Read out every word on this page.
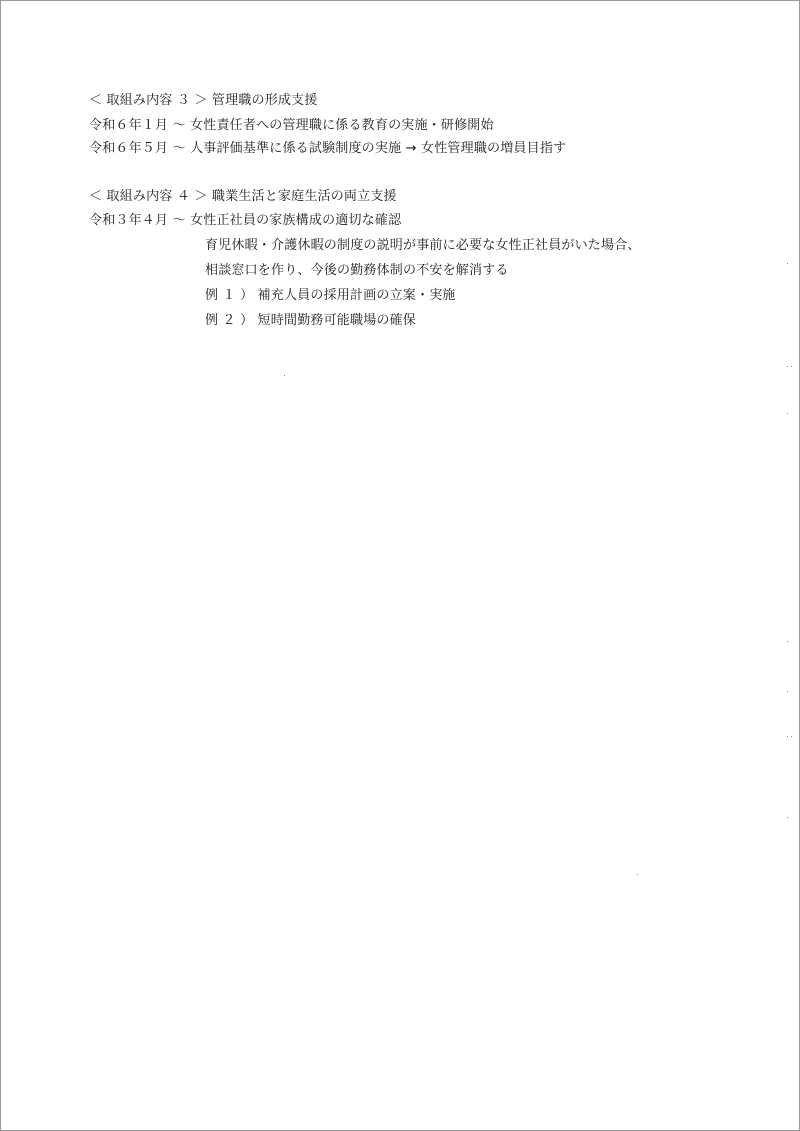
＜ 取組み内容 ３ ＞ 管理職の形成支援
令和６年１月 ～ 女性責任者への管理職に係る教育の実施・研修開始
令和６年５月 ～ 人事評価基準に係る試験制度の実施 → 女性管理職の増員目指す
＜ 取組み内容 ４ ＞ 職業生活と家庭生活の両立支援
令和３年４月 ～ 女性正社員の家族構成の適切な確認
育児休暇・介護休暇の制度の説明が事前に必要な女性正社員がいた場合、
相談窓口を作り、今後の勤務体制の不安を解消する
例 １ ） 補充人員の採用計画の立案・実施
例 ２ ） 短時間勤務可能職場の確保
